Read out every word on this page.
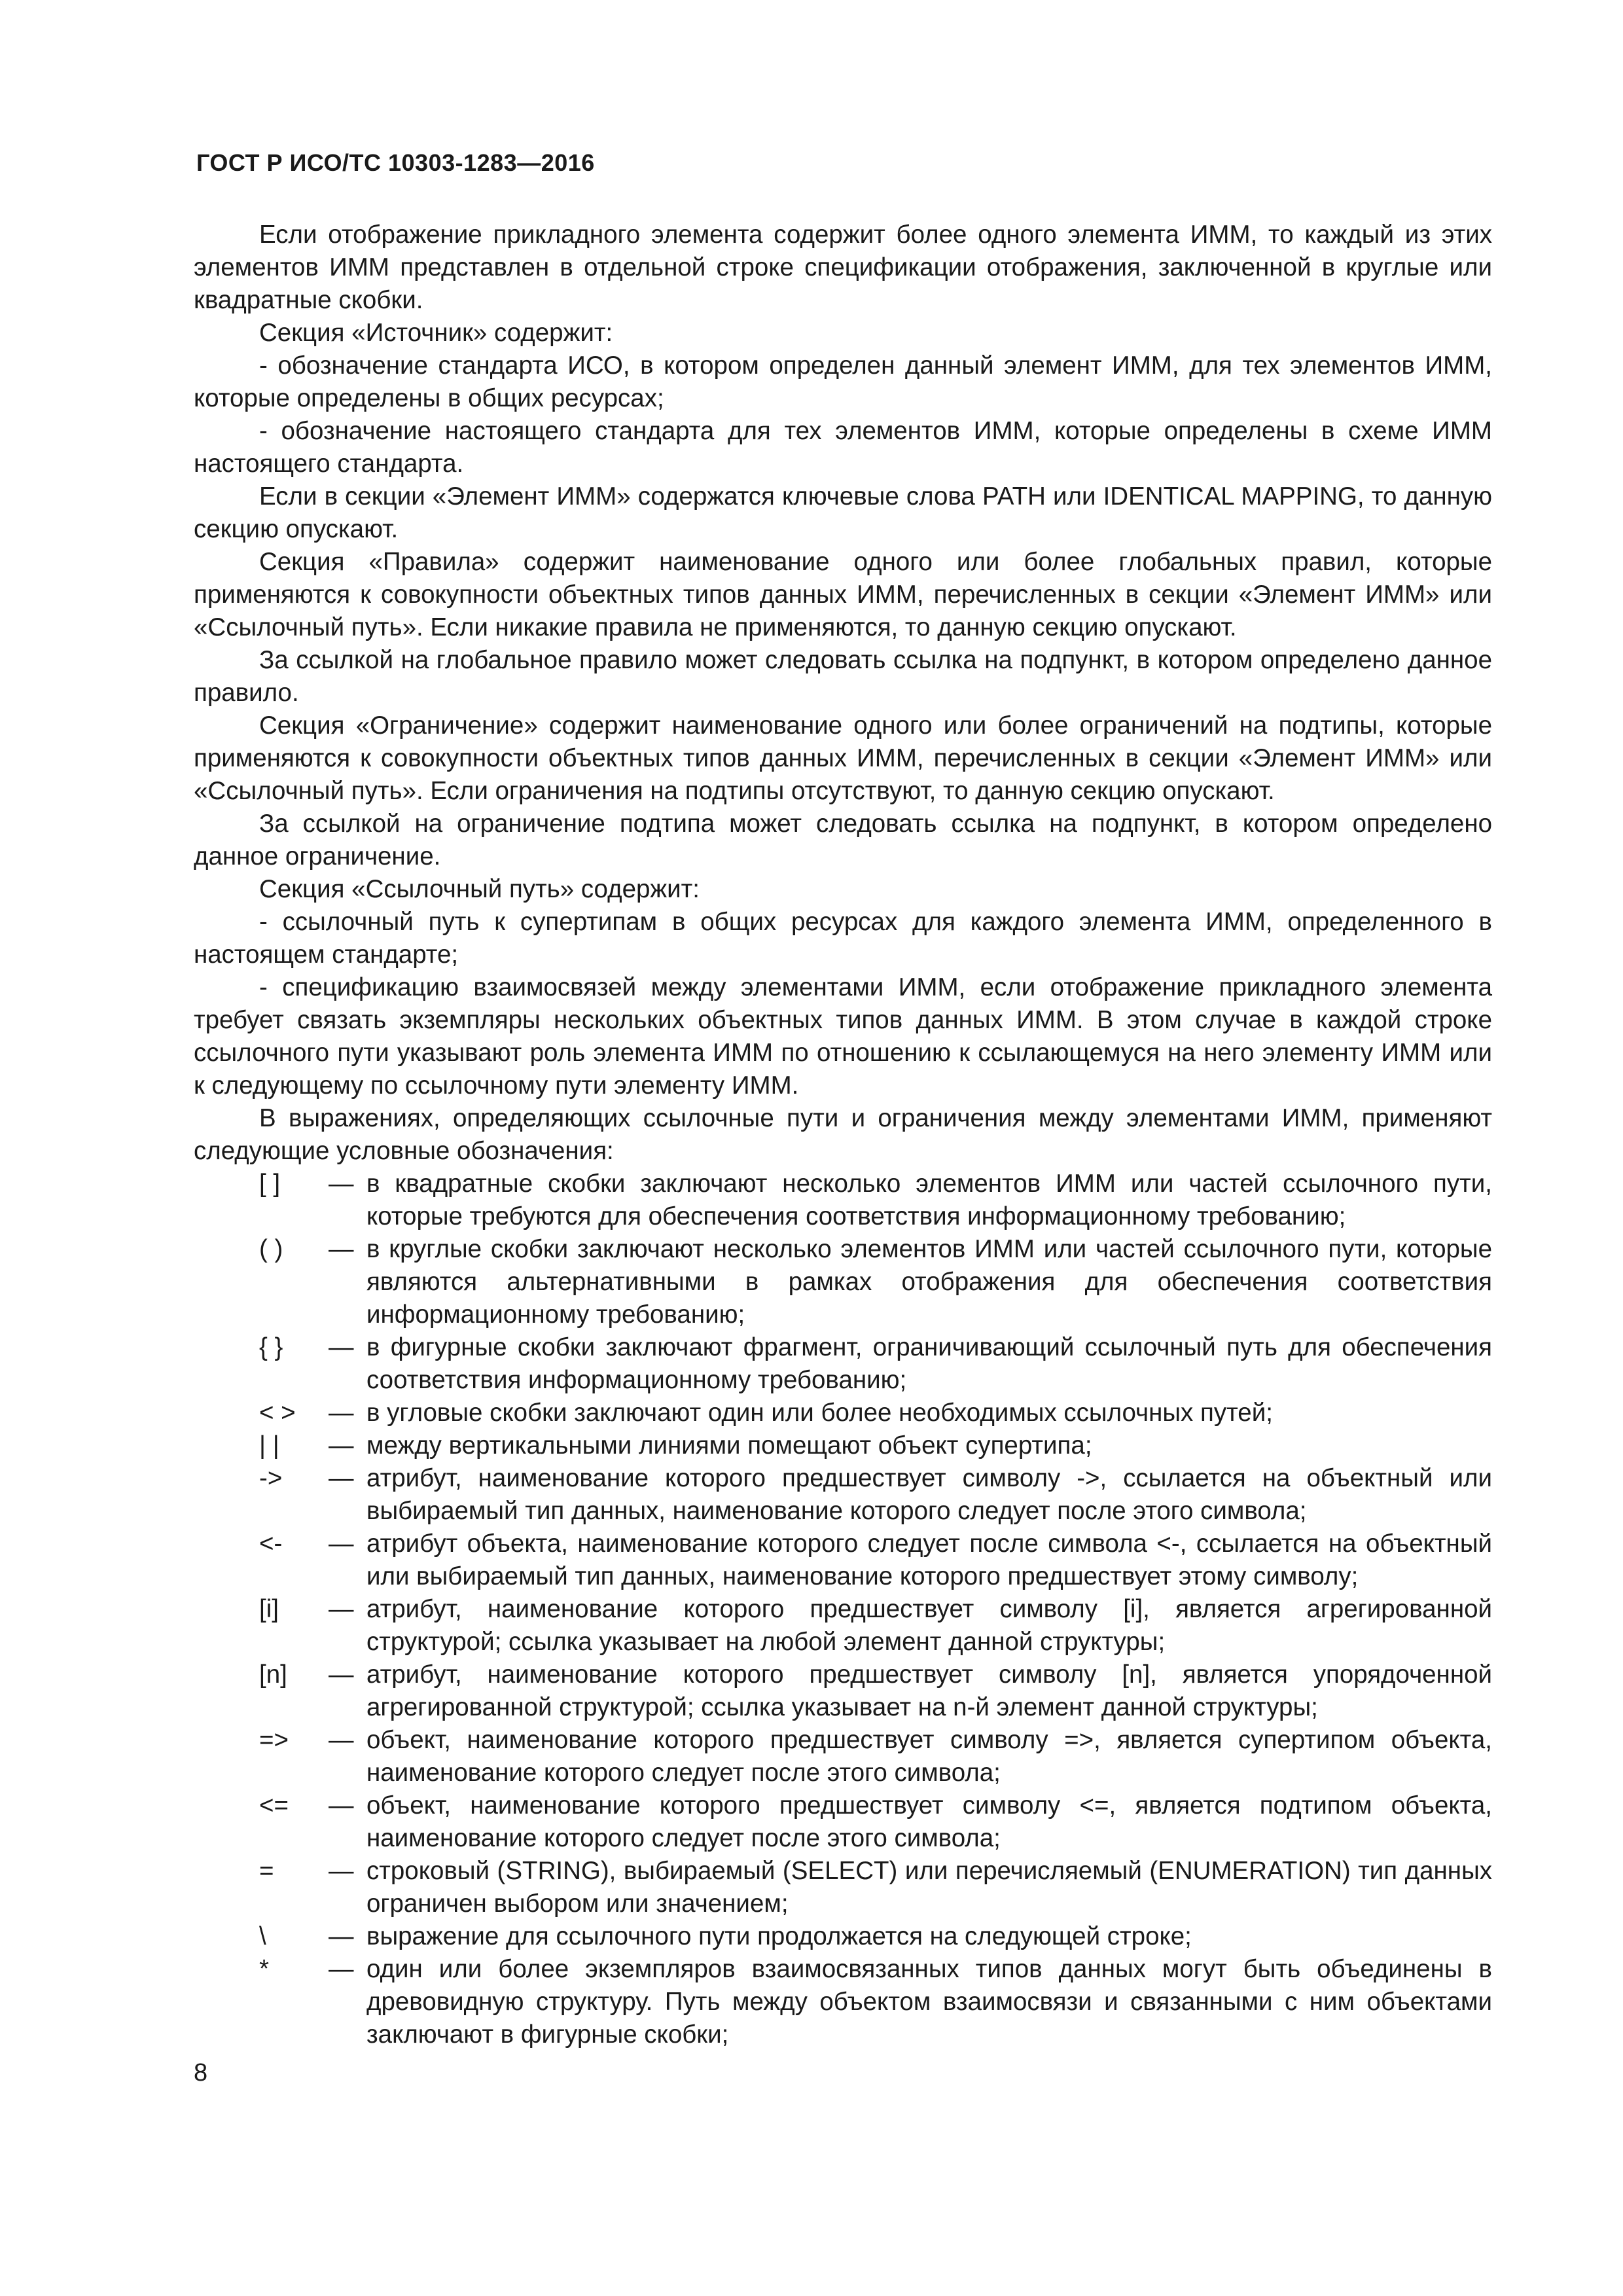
ГОСТ Р ИСО/ТС 10303-1283—2016

Если отображение прикладного элемента содержит более одного элемента ИММ, то каждый из этих элементов ИММ представлен в отдельной строке спецификации отображения, заключенной в круглые или квадратные скобки.

Секция «Источник» содержит:

- обозначение стандарта ИСО, в котором определен данный элемент ИММ, для тех элементов ИММ, которые определены в общих ресурсах;

- обозначение настоящего стандарта для тех элементов ИММ, которые определены в схеме ИММ настоящего стандарта.

Если в секции «Элемент ИММ» содержатся ключевые слова PATH или IDENTICAL MAPPING, то данную секцию опускают.

Секция «Правила» содержит наименование одного или более глобальных правил, которые применяются к совокупности объектных типов данных ИММ, перечисленных в секции «Элемент ИММ» или «Ссылочный путь». Если никакие правила не применяются, то данную секцию опускают.

За ссылкой на глобальное правило может следовать ссылка на подпункт, в котором определено данное правило.

Секция «Ограничение» содержит наименование одного или более ограничений на подтипы, которые применяются к совокупности объектных типов данных ИММ, перечисленных в секции «Элемент ИММ» или «Ссылочный путь». Если ограничения на подтипы отсутствуют, то данную секцию опускают.

За ссылкой на ограничение подтипа может следовать ссылка на подпункт, в котором определено данное ограничение.

Секция «Ссылочный путь» содержит:

- ссылочный путь к супертипам в общих ресурсах для каждого элемента ИММ, определенного в настоящем стандарте;

- спецификацию взаимосвязей между элементами ИММ, если отображение прикладного элемента требует связать экземпляры нескольких объектных типов данных ИММ. В этом случае в каждой строке ссылочного пути указывают роль элемента ИММ по отношению к ссылающемуся на него элементу ИММ или к следующему по ссылочному пути элементу ИММ.

В выражениях, определяющих ссылочные пути и ограничения между элементами ИММ, применяют следующие условные обозначения:

[ ]	— в квадратные скобки заключают несколько элементов ИММ или частей ссылочного пути, которые требуются для обеспечения соответствия информационному требованию;
( )	— в круглые скобки заключают несколько элементов ИММ или частей ссылочного пути, которые являются альтернативными в рамках отображения для обеспечения соответствия информационному требованию;
{ }	— в фигурные скобки заключают фрагмент, ограничивающий ссылочный путь для обеспечения соответствия информационному требованию;
< >	— в угловые скобки заключают один или более необходимых ссылочных путей;
| |	— между вертикальными линиями помещают объект супертипа;
->	— атрибут, наименование которого предшествует символу ->, ссылается на объектный или выбираемый тип данных, наименование которого следует после этого символа;
<-	— атрибут объекта, наименование которого следует после символа <-, ссылается на объектный или выбираемый тип данных, наименование которого предшествует этому символу;
[i]	— атрибут, наименование которого предшествует символу [i], является агрегированной структурой; ссылка указывает на любой элемент данной структуры;
[n]	— атрибут, наименование которого предшествует символу [n], является упорядоченной агрегированной структурой; ссылка указывает на n-й элемент данной структуры;
=>	— объект, наименование которого предшествует символу =>, является супертипом объекта, наименование которого следует после этого символа;
<=	— объект, наименование которого предшествует символу <=, является подтипом объекта, наименование которого следует после этого символа;
=	— строковый (STRING), выбираемый (SELECT) или перечисляемый (ENUMERATION) тип данных ограничен выбором или значением;
\	— выражение для ссылочного пути продолжается на следующей строке;
*	— один или более экземпляров взаимосвязанных типов данных могут быть объединены в древовидную структуру. Путь между объектом взаимосвязи и связанными с ним объектами заключают в фигурные скобки;
8
